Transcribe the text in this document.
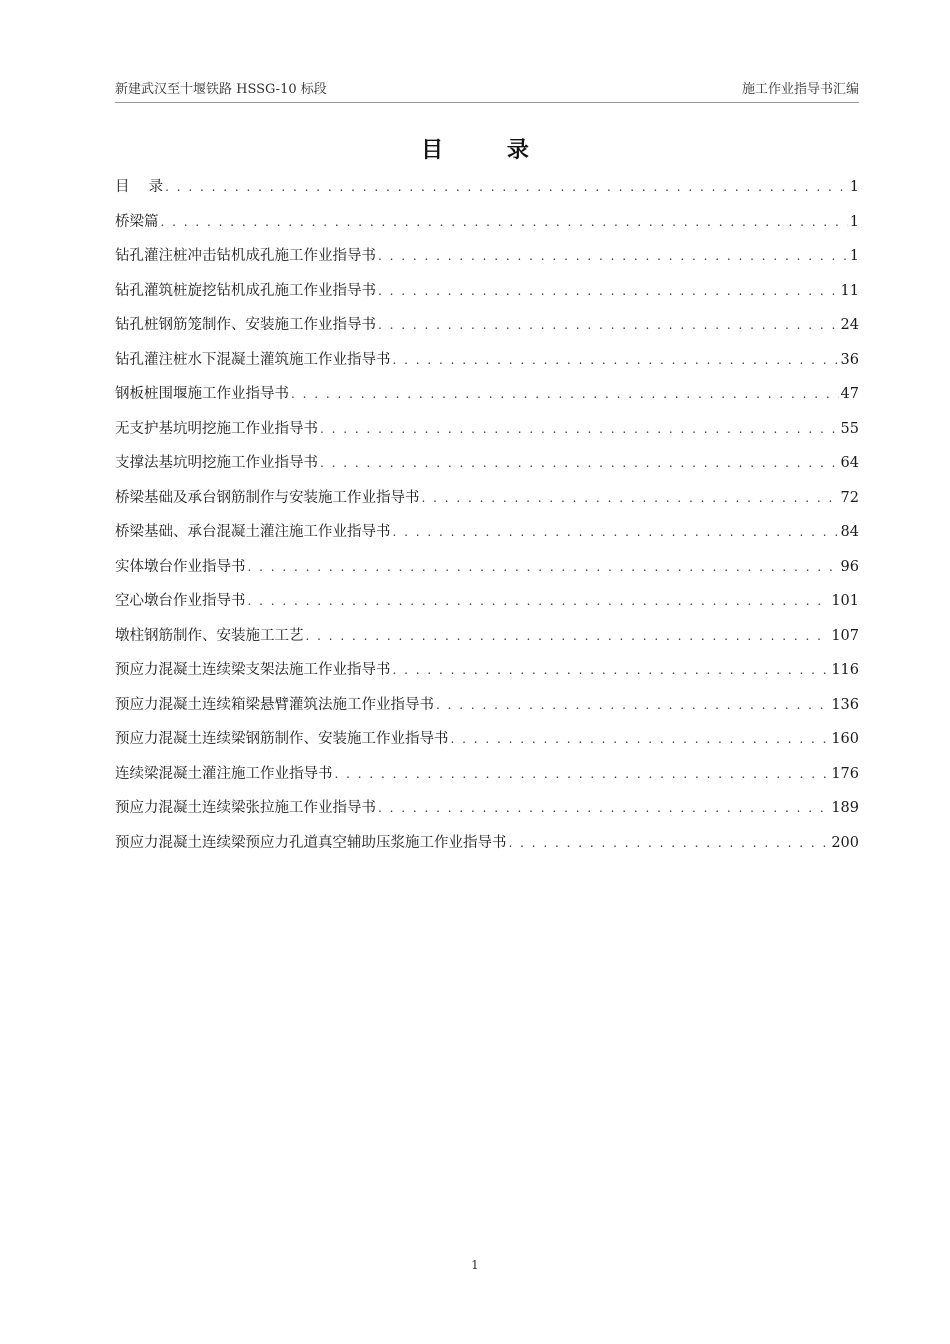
新建武汉至十堰铁路 HSSG-10 标段	施工作业指导书汇编
目 录
目　 录 . . .	1
桥梁篇 . . .	1
钻孔灌注桩冲击钻机成孔施工作业指导书 . . .	1
钻孔灌筑桩旋挖钻机成孔施工作业指导书 . . .	11
钻孔桩钢筋笼制作、安装施工作业指导书 . . .	24
钻孔灌注桩水下混凝土灌筑施工作业指导书 . . .	36
钢板桩围堰施工作业指导书 . . .	47
无支护基坑明挖施工作业指导书 . . .	55
支撑法基坑明挖施工作业指导书 . . .	64
桥梁基础及承台钢筋制作与安装施工作业指导书 . . .	72
桥梁基础、承台混凝土灌注施工作业指导书 . . .	84
实体墩台作业指导书 . . .	96
空心墩台作业指导书 . . .	101
墩柱钢筋制作、安装施工工艺 . . .	107
预应力混凝土连续梁支架法施工作业指导书 . . .	116
预应力混凝土连续箱梁悬臂灌筑法施工作业指导书 . . .	136
预应力混凝土连续梁钢筋制作、安装施工作业指导书 . . .	160
连续梁混凝土灌注施工作业指导书 . . .	176
预应力混凝土连续梁张拉施工作业指导书 . . .	189
预应力混凝土连续梁预应力孔道真空辅助压浆施工作业指导书 . . .	200
1
